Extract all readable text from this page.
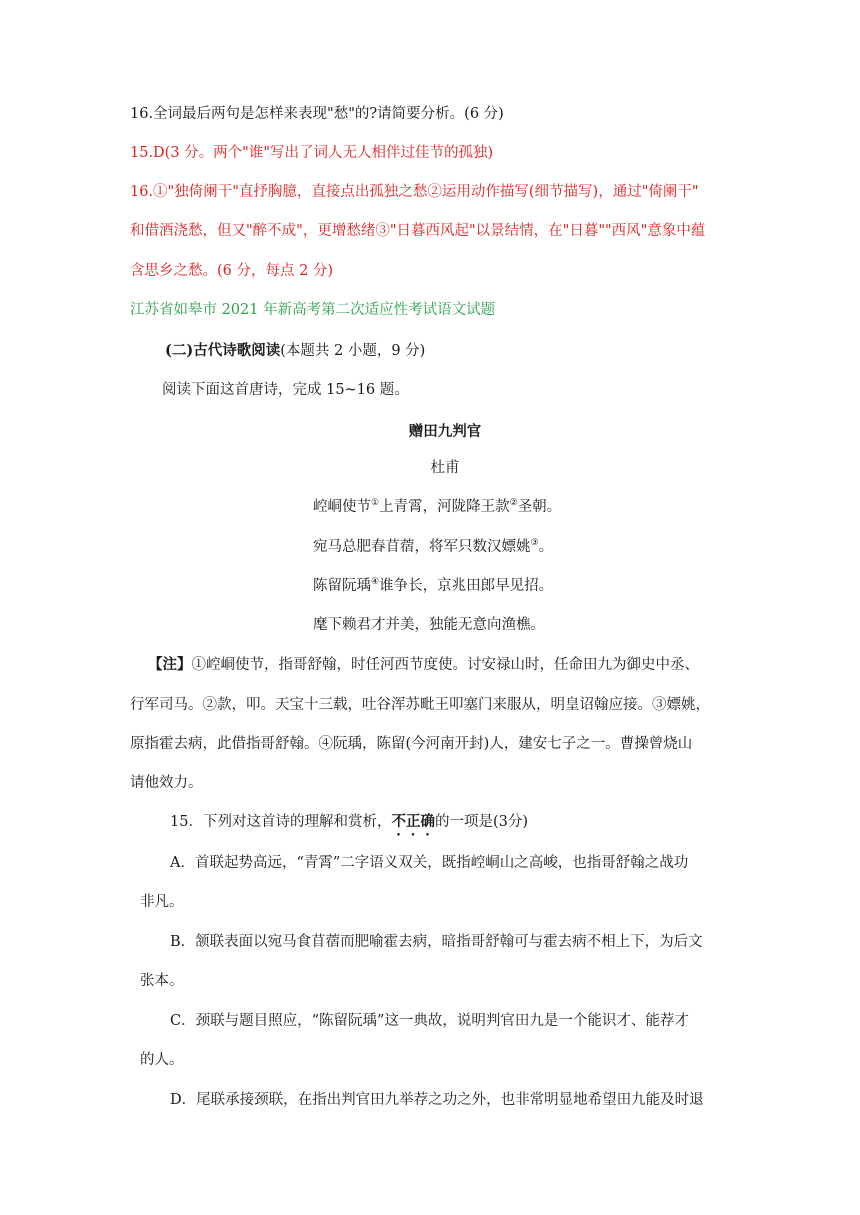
16.全词最后两句是怎样来表现"愁"的?请简要分析。(6 分)
15.D(3 分。两个"谁"写出了词人无人相伴过佳节的孤独)
16.①"独倚阑干"直抒胸臆，直接点出孤独之愁②运用动作描写(细节描写)，通过"倚阑干"
和借酒浇愁，但又"醉不成"，更增愁绪③"日暮西风起"以景结情，在"日暮""西风"意象中蕴
含思乡之愁。(6 分，每点 2 分)
江苏省如皋市 2021 年新高考第二次适应性考试语文试题
(二)古代诗歌阅读(本题共 2 小题，9 分)
阅读下面这首唐诗，完成 15~16 题。
赠田九判官
杜甫
崆峒使节①上青霄，河陇降王款②圣朝。
宛马总肥春苜蓿，将军只数汉嫖姚③。
陈留阮瑀④谁争长，京兆田郎早见招。
麾下赖君才并美，独能无意向渔樵。
【注】①崆峒使节，指哥舒翰，时任河西节度使。讨安禄山时，任命田九为御史中丞、
行军司马。②款，叩。天宝十三载，吐谷浑苏毗王叩塞门来服从，明皇诏翰应接。③嫖姚，
原指霍去病，此借指哥舒翰。④阮瑀，陈留(今河南开封)人，建安七子之一。曹操曾烧山
请他效力。
15．下列对这首诗的理解和赏析，不正确的一项是(3分)
A．首联起势高远，“青霄”二字语义双关，既指崆峒山之高峻，也指哥舒翰之战功
非凡。
B．颔联表面以宛马食苜蓿而肥喻霍去病，暗指哥舒翰可与霍去病不相上下，为后文
张本。
C．颈联与题目照应，“陈留阮瑀”这一典故，说明判官田九是一个能识才、能荐才
的人。
D．尾联承接颈联，在指出判官田九举荐之功之外，也非常明显地希望田九能及时退
